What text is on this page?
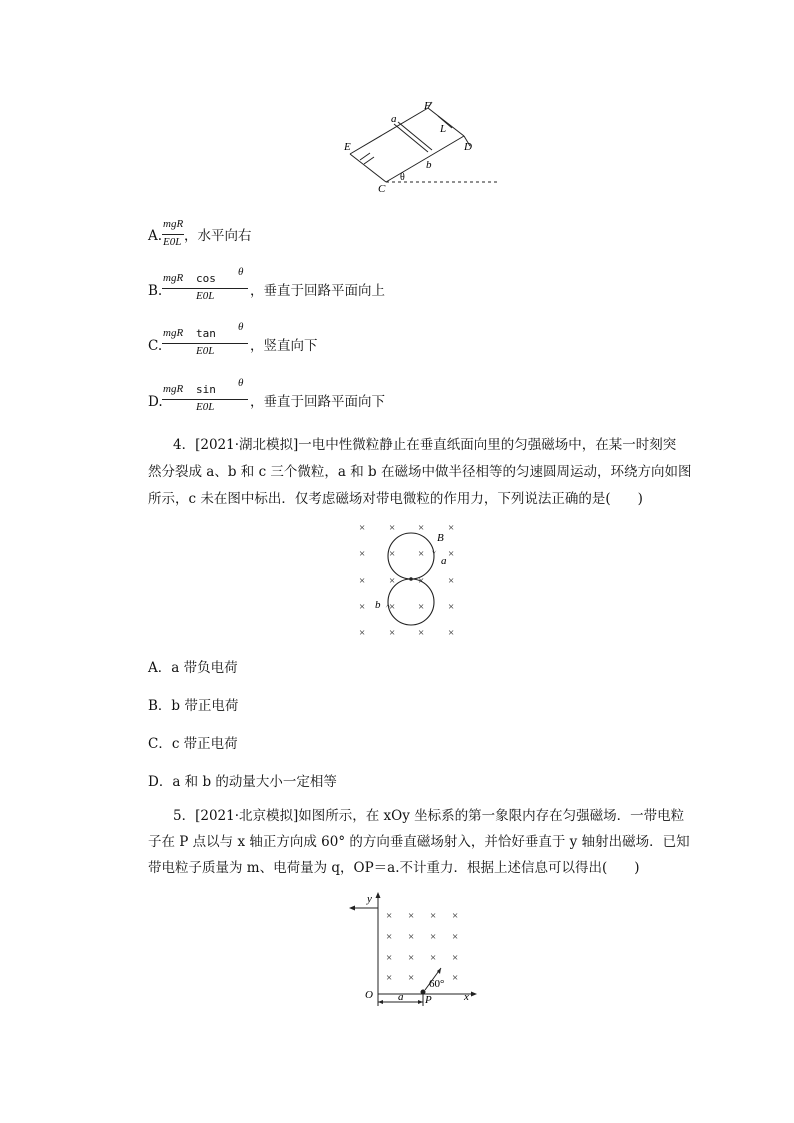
F
a
L
E	D
b
C
θ
A.
mgR
E0L ，水平向右
B.
mgR cos θ
E0L	，垂直于回路平面向上
C.
mgR tan θ
E0L	，竖直向下
D.
mgR sin θ
E0L	，垂直于回路平面向下
4．[2021·湖北模拟]一电中性微粒静止在垂直纸面向里的匀强磁场中，在某一时刻突
然分裂成 a、b 和 c 三个微粒，a 和 b 在磁场中做半径相等的匀速圆周运动，环绕方向如图
所示，c 未在图中标出．仅考虑磁场对带电微粒的作用力，下列说法正确的是(　　)
× × × ×
× × × ×
× × × ×
× × × ×
× × × ×
B
a
b
A．a 带负电荷
B．b 带正电荷
C．c 带正电荷
D．a 和 b 的动量大小一定相等
5．[2021·北京模拟]如图所示，在 xOy 坐标系的第一象限内存在匀强磁场．一带电粒
子在 P 点以与 x 轴正方向成 60° 的方向垂直磁场射入，并恰好垂直于 y 轴射出磁场．已知
带电粒子质量为 m、电荷量为 q，OP＝a.不计重力．根据上述信息可以得出(　　)
× × × ×
× × × ×
× × × ×
× ×	×
y
O a P	x
60°
